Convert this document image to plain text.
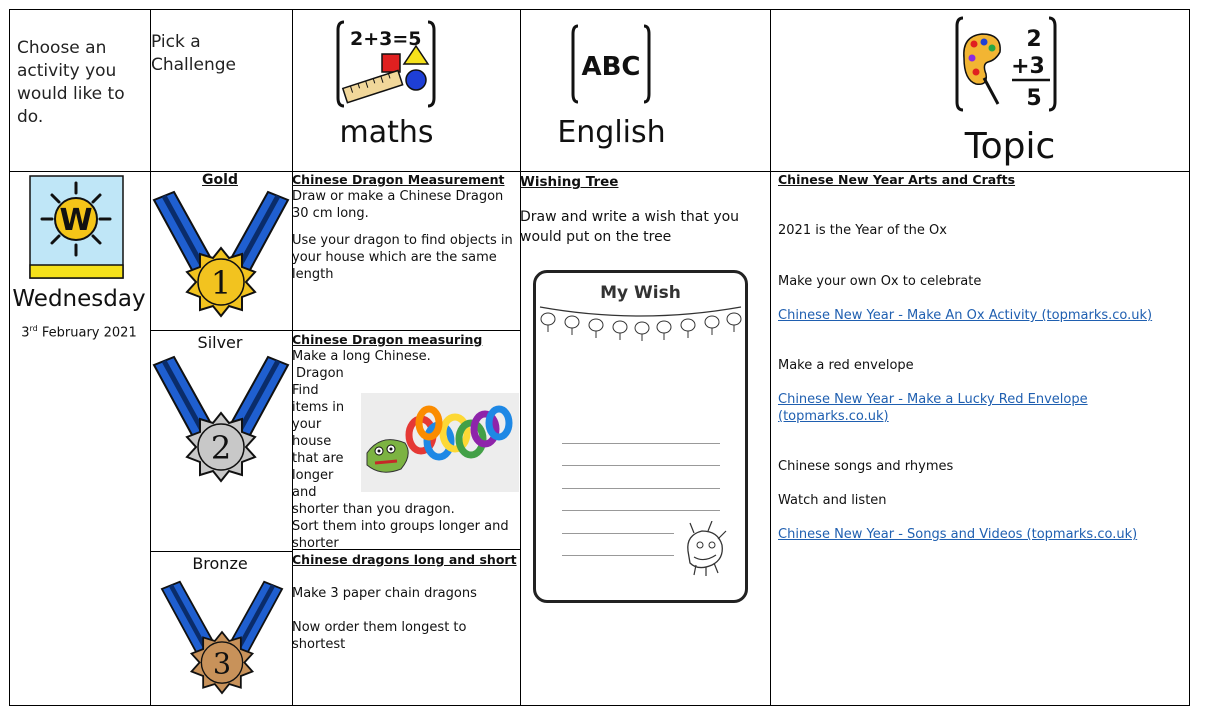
Choose an activity you would like to do.
Pick a Challenge
2+3=5
maths
ABC
English
2
+3
5
Topic
W
Wednesday
3rd February 2021
Gold
1
Silver
2
Bronze
3
Chinese Dragon Measurement
Draw or make a Chinese Dragon 30 cm long.
Use your dragon to find objects in your house which are the same length
Chinese Dragon measuring
Make a long Chinese.
Dragon
Find
items in
your
house
that are
longer
and
shorter than you dragon.
Sort them into groups longer and shorter
Chinese dragons long and short
Make 3 paper chain dragons
Now order them longest to shortest
Wishing Tree
Draw and write a wish that you would put on the tree
My Wish
Chinese New Year Arts and Crafts
2021 is the Year of the Ox
Make your own Ox to celebrate
Chinese New Year - Make An Ox Activity (topmarks.co.uk)
Make a red envelope
Chinese New Year - Make a Lucky Red Envelope
(topmarks.co.uk)
Chinese songs and rhymes
Watch and listen
Chinese New Year - Songs and Videos (topmarks.co.uk)
